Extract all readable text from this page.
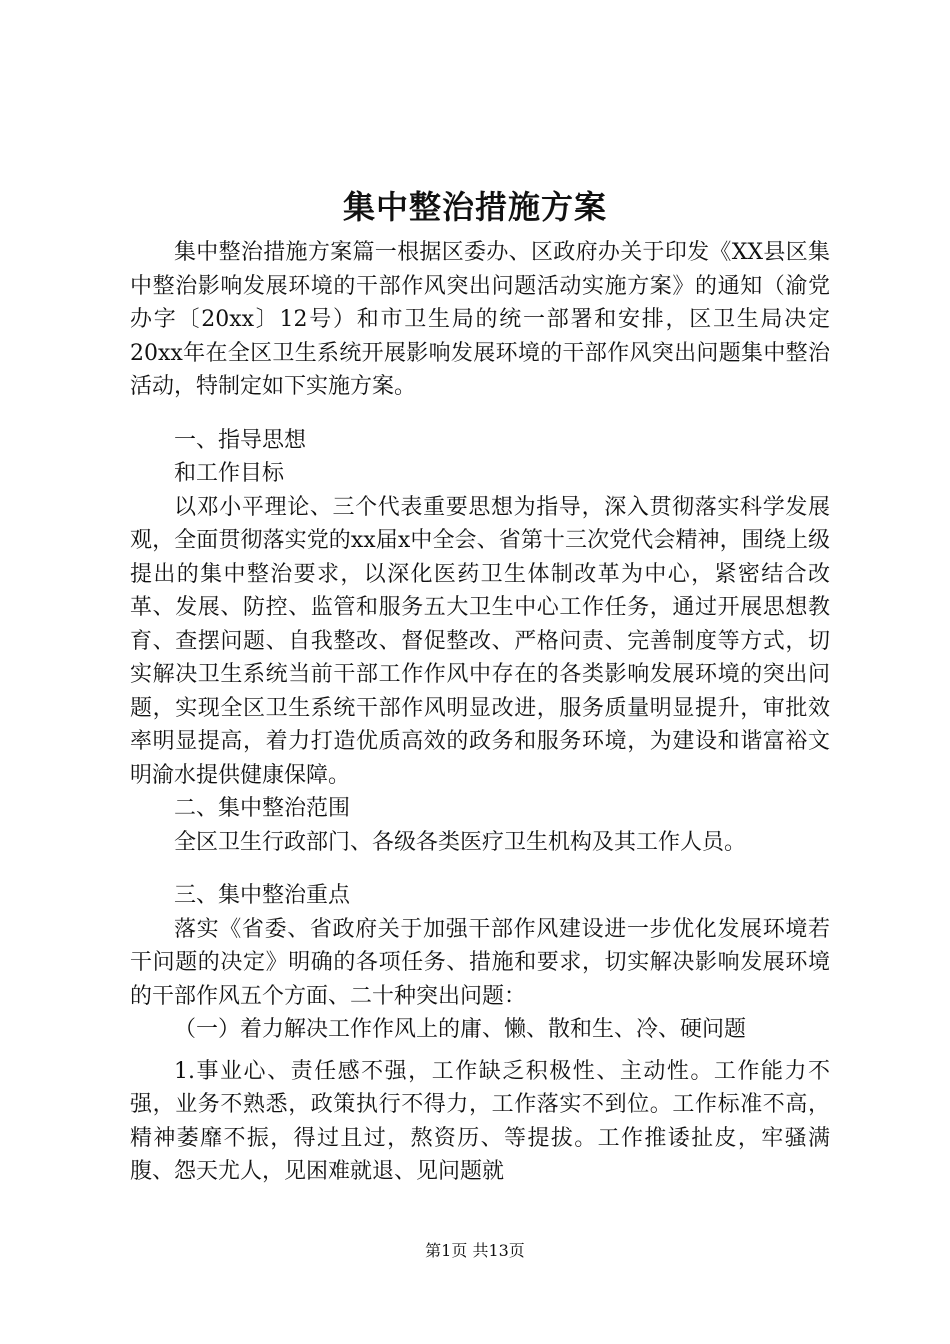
集中整治措施方案

集中整治措施方案篇一根据区委办、区政府办关于印发《XX县区集中整治影响发展环境的干部作风突出问题活动实施方案》的通知（渝党办字〔20xx〕12号）和市卫生局的统一部署和安排，区卫生局决定20xx年在全区卫生系统开展影响发展环境的干部作风突出问题集中整治活动，特制定如下实施方案。

一、指导思想

和工作目标

以邓小平理论、三个代表重要思想为指导，深入贯彻落实科学发展观，全面贯彻落实党的xx届x中全会、省第十三次党代会精神，围绕上级提出的集中整治要求，以深化医药卫生体制改革为中心，紧密结合改革、发展、防控、监管和服务五大卫生中心工作任务，通过开展思想教育、查摆问题、自我整改、督促整改、严格问责、完善制度等方式，切实解决卫生系统当前干部工作作风中存在的各类影响发展环境的突出问题，实现全区卫生系统干部作风明显改进，服务质量明显提升，审批效率明显提高，着力打造优质高效的政务和服务环境，为建设和谐富裕文明渝水提供健康保障。

二、集中整治范围

全区卫生行政部门、各级各类医疗卫生机构及其工作人员。

三、集中整治重点

落实《省委、省政府关于加强干部作风建设进一步优化发展环境若干问题的决定》明确的各项任务、措施和要求，切实解决影响发展环境的干部作风五个方面、二十种突出问题：

（一）着力解决工作作风上的庸、懒、散和生、冷、硬问题

1.事业心、责任感不强，工作缺乏积极性、主动性。工作能力不强，业务不熟悉，政策执行不得力，工作落实不到位。工作标准不高，精神萎靡不振，得过且过，熬资历、等提拔。工作推诿扯皮，牢骚满腹、怨天尤人，见困难就退、见问题就

第1页 共13页
